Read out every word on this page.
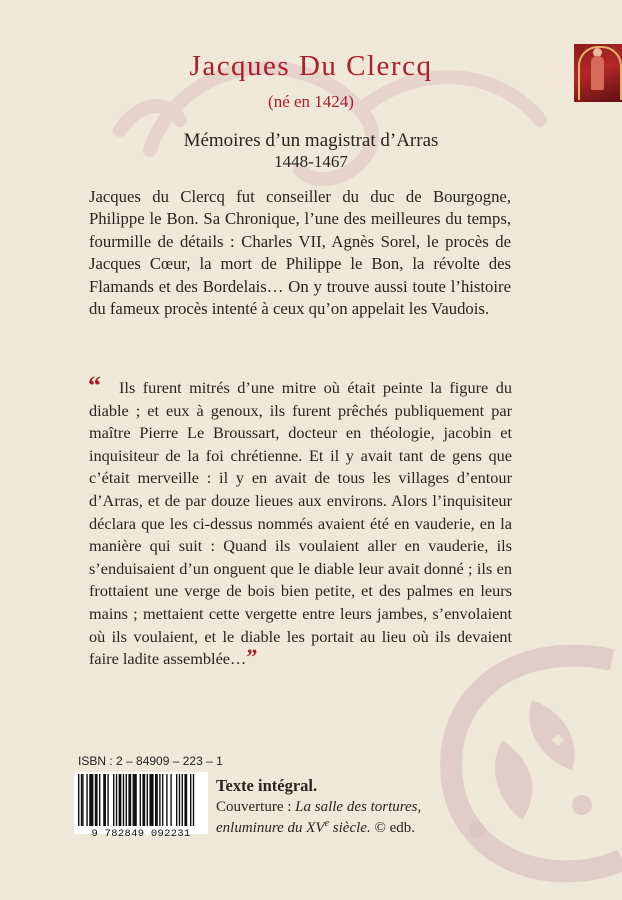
Jacques Du Clercq
(né en 1424)
Mémoires d’un magistrat d’Arras
1448-1467

Jacques du Clercq fut conseiller du duc de Bourgogne, Philippe le Bon. Sa Chronique, l’une des meilleures du temps, fourmille de détails : Charles VII, Agnès Sorel, le procès de Jacques Cœur, la mort de Philippe le Bon, la révolte des Flamands et des Bordelais… On y trouve aussi toute l’histoire du fameux procès intenté à ceux qu’on appelait les Vaudois.

“	Ils furent mitrés d’une mitre où était peinte la figure du diable ; et eux à genoux, ils furent prêchés publiquement par maître Pierre Le Broussart, docteur en théologie, jacobin et inquisiteur de la foi chrétienne. Et il y avait tant de gens que c’était merveille : il y en avait de tous les villages d’entour d’Arras, et de par douze lieues aux environs. Alors l’inquisiteur déclara que les ci-dessus nommés avaient été en vauderie, en la manière qui suit : Quand ils voulaient aller en vauderie, ils s’enduisaient d’un onguent que le diable leur avait donné ; ils en frottaient une verge de bois bien petite, et des palmes en leurs mains ; mettaient cette vergette entre leurs jambes, s’envolaient où ils voulaient, et le diable les portait au lieu où ils devaient faire ladite assemblée…”

ISBN : 2 – 84909 – 223 – 1
9 782849 092231
Texte intégral.
Couverture : La salle des tortures,
enluminure du XVe siècle. © edb.
